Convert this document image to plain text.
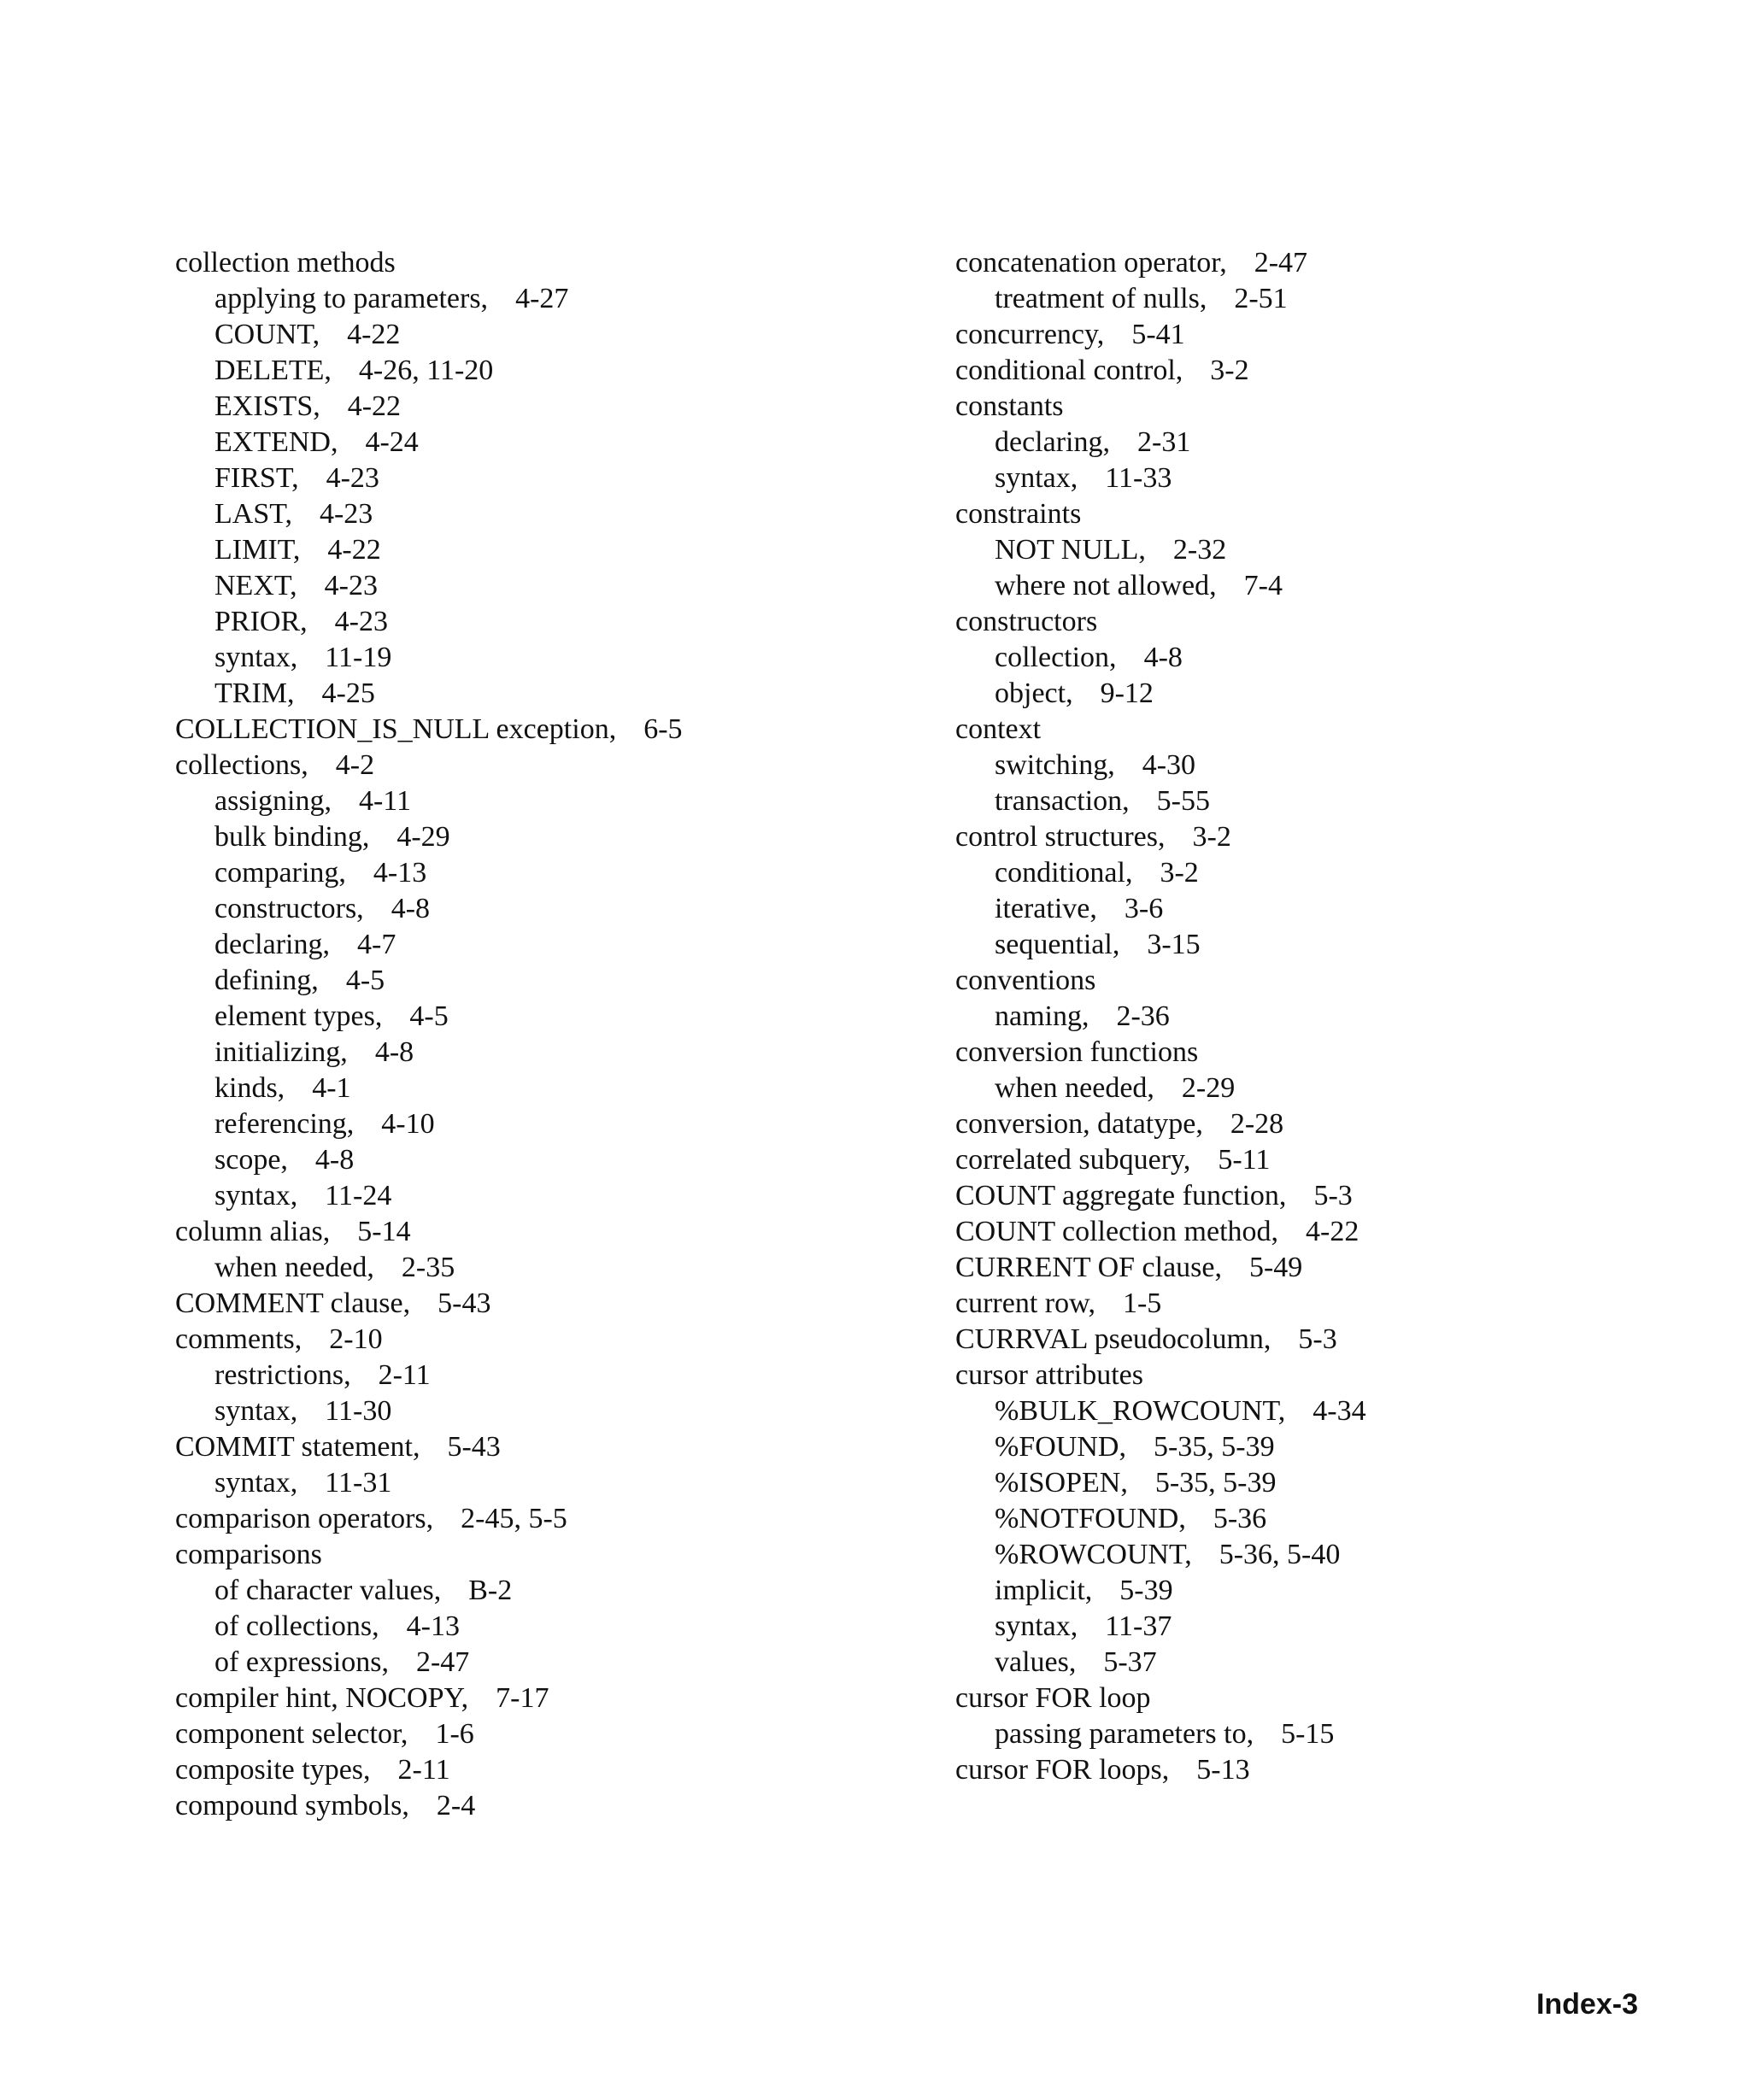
collection methods
applying to parameters, 4-27
COUNT, 4-22
DELETE, 4-26, 11-20
EXISTS, 4-22
EXTEND, 4-24
FIRST, 4-23
LAST, 4-23
LIMIT, 4-22
NEXT, 4-23
PRIOR, 4-23
syntax, 11-19
TRIM, 4-25
COLLECTION_IS_NULL exception, 6-5
collections, 4-2
assigning, 4-11
bulk binding, 4-29
comparing, 4-13
constructors, 4-8
declaring, 4-7
defining, 4-5
element types, 4-5
initializing, 4-8
kinds, 4-1
referencing, 4-10
scope, 4-8
syntax, 11-24
column alias, 5-14
when needed, 2-35
COMMENT clause, 5-43
comments, 2-10
restrictions, 2-11
syntax, 11-30
COMMIT statement, 5-43
syntax, 11-31
comparison operators, 2-45, 5-5
comparisons
of character values, B-2
of collections, 4-13
of expressions, 2-47
compiler hint, NOCOPY, 7-17
component selector, 1-6
composite types, 2-11
compound symbols, 2-4
concatenation operator, 2-47
treatment of nulls, 2-51
concurrency, 5-41
conditional control, 3-2
constants
declaring, 2-31
syntax, 11-33
constraints
NOT NULL, 2-32
where not allowed, 7-4
constructors
collection, 4-8
object, 9-12
context
switching, 4-30
transaction, 5-55
control structures, 3-2
conditional, 3-2
iterative, 3-6
sequential, 3-15
conventions
naming, 2-36
conversion functions
when needed, 2-29
conversion, datatype, 2-28
correlated subquery, 5-11
COUNT aggregate function, 5-3
COUNT collection method, 4-22
CURRENT OF clause, 5-49
current row, 1-5
CURRVAL pseudocolumn, 5-3
cursor attributes
%BULK_ROWCOUNT, 4-34
%FOUND, 5-35, 5-39
%ISOPEN, 5-35, 5-39
%NOTFOUND, 5-36
%ROWCOUNT, 5-36, 5-40
implicit, 5-39
syntax, 11-37
values, 5-37
cursor FOR loop
passing parameters to, 5-15
cursor FOR loops, 5-13
Index-3
